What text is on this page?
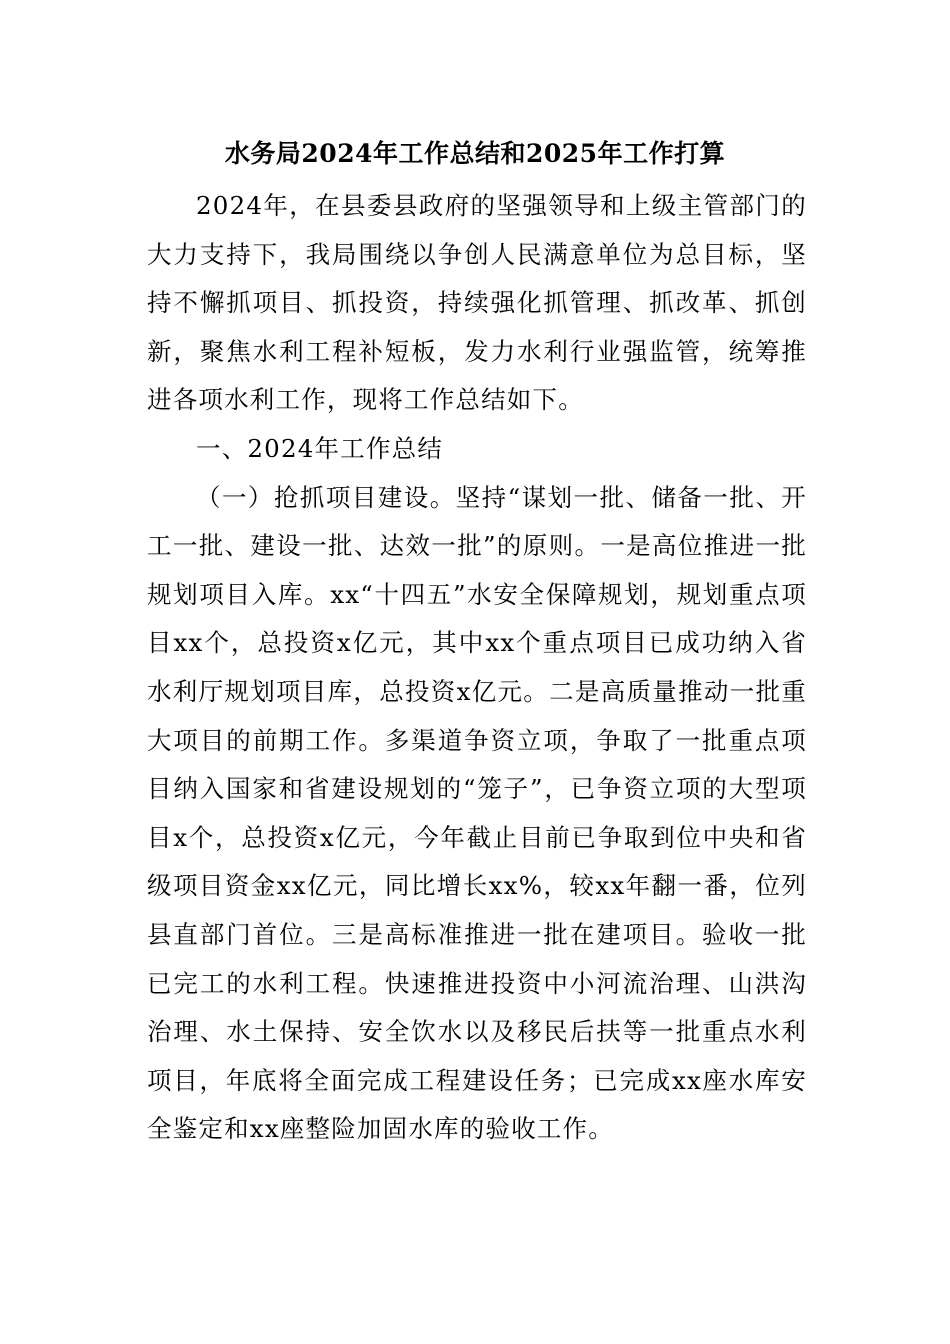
水务局2024年工作总结和2025年工作打算

2024年，在县委县政府的坚强领导和上级主管部门的大力支持下，我局围绕以争创人民满意单位为总目标，坚持不懈抓项目、抓投资，持续强化抓管理、抓改革、抓创新，聚焦水利工程补短板，发力水利行业强监管，统筹推进各项水利工作，现将工作总结如下。

一、2024年工作总结

（一）抢抓项目建设。坚持“谋划一批、储备一批、开工一批、建设一批、达效一批”的原则。一是高位推进一批规划项目入库。xx“十四五”水安全保障规划，规划重点项目xx个，总投资x亿元，其中xx个重点项目已成功纳入省水利厅规划项目库，总投资x亿元。二是高质量推动一批重大项目的前期工作。多渠道争资立项，争取了一批重点项目纳入国家和省建设规划的“笼子”，已争资立项的大型项目x个，总投资x亿元，今年截止目前已争取到位中央和省级项目资金xx亿元，同比增长xx%，较xx年翻一番，位列县直部门首位。三是高标准推进一批在建项目。验收一批已完工的水利工程。快速推进投资中小河流治理、山洪沟治理、水土保持、安全饮水以及移民后扶等一批重点水利项目，年底将全面完成工程建设任务；已完成xx座水库安全鉴定和xx座整险加固水库的验收工作。
